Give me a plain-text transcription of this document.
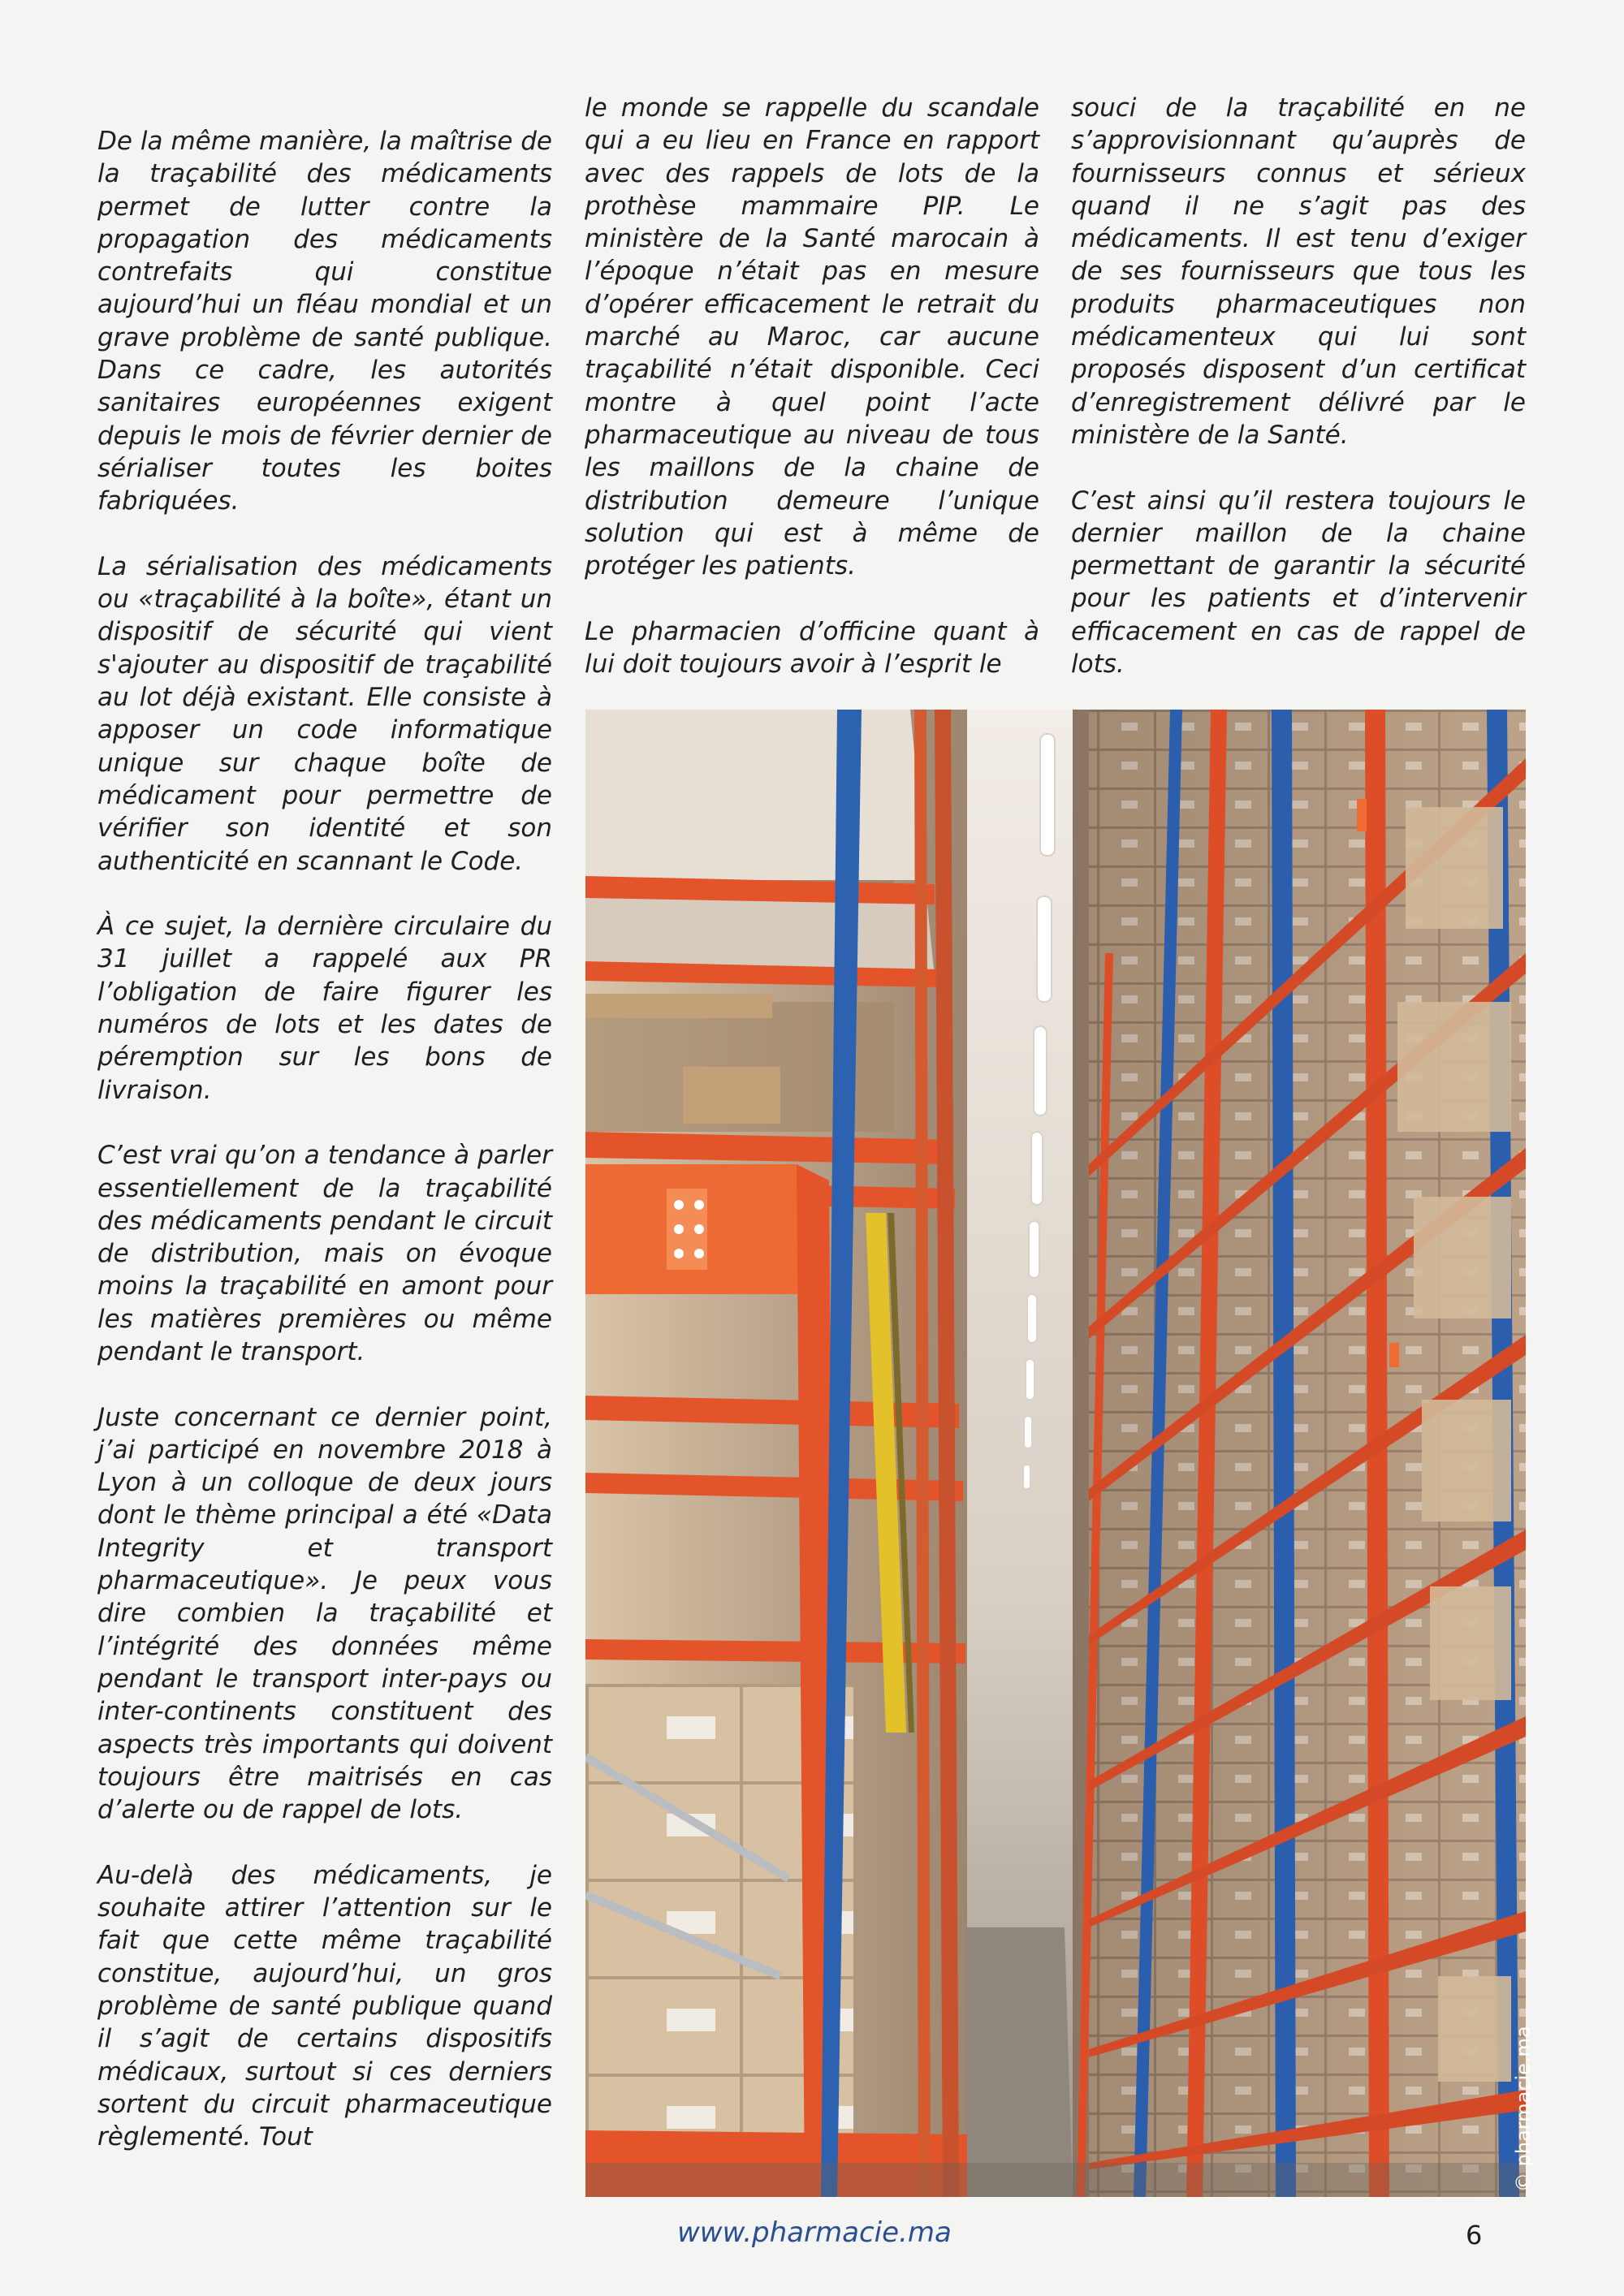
De la même manière, la maîtrise de la traçabilité des médicaments permet de lutter contre la propagation des médicaments contrefaits qui constitue aujourd’hui un fléau mondial et un grave problème de santé publique. Dans ce cadre, les autorités sanitaires européennes exigent depuis le mois de février dernier de sérialiser toutes les boites fabriquées.

La sérialisation des médicaments ou «traçabilité à la boîte», étant un dispositif de sécurité qui vient s'ajouter au dispositif de traçabilité au lot déjà existant. Elle consiste à apposer un code informatique unique sur chaque boîte de médicament pour permettre de vérifier son identité et son authenticité en scannant le Code.

À ce sujet, la dernière circulaire du 31 juillet a rappelé aux PR l’obligation de faire figurer les numéros de lots et les dates de péremption sur les bons de livraison.

C’est vrai qu’on a tendance à parler essentiellement de la traçabilité des médicaments pendant le circuit de distribution, mais on évoque moins la traçabilité en amont pour les matières premières ou même pendant le transport.

Juste concernant ce dernier point, j’ai participé en novembre 2018 à Lyon à un colloque de deux jours dont le thème principal a été «Data Integrity et transport pharmaceutique». Je peux vous dire combien la traçabilité et l’intégrité des données même pendant le transport inter-pays ou inter-continents constituent des aspects très importants qui doivent toujours être maitrisés en cas d’alerte ou de rappel de lots.

Au-delà des médicaments, je souhaite attirer l’attention sur le fait que cette même traçabilité constitue, aujourd’hui, un gros problème de santé publique quand il s’agit de certains dispositifs médicaux, surtout si ces derniers sortent du circuit pharmaceutique règlementé. Tout

le monde se rappelle du scandale qui a eu lieu en France en rapport avec des rappels de lots de la prothèse mammaire PIP. Le ministère de la Santé marocain à l’époque n’était pas en mesure d’opérer efficacement le retrait du marché au Maroc, car aucune traçabilité n’était disponible. Ceci montre à quel point l’acte pharmaceutique au niveau de tous les maillons de la chaine de distribution demeure l’unique solution qui est à même de protéger les patients.

Le pharmacien d’officine quant à lui doit toujours avoir à l’esprit le

souci de la traçabilité en ne s’approvisionnant qu’auprès de fournisseurs connus et sérieux quand il ne s’agit pas des médicaments. Il est tenu d’exiger de ses fournisseurs que tous les produits pharmaceutiques non médicamenteux qui lui sont proposés disposent d’un certificat d’enregistrement délivré par le ministère de la Santé.

C’est ainsi qu’il restera toujours le dernier maillon de la chaine permettant de garantir la sécurité pour les patients et d’intervenir efficacement en cas de rappel de lots.

© pharmacie.ma
www.pharmacie.ma	6
